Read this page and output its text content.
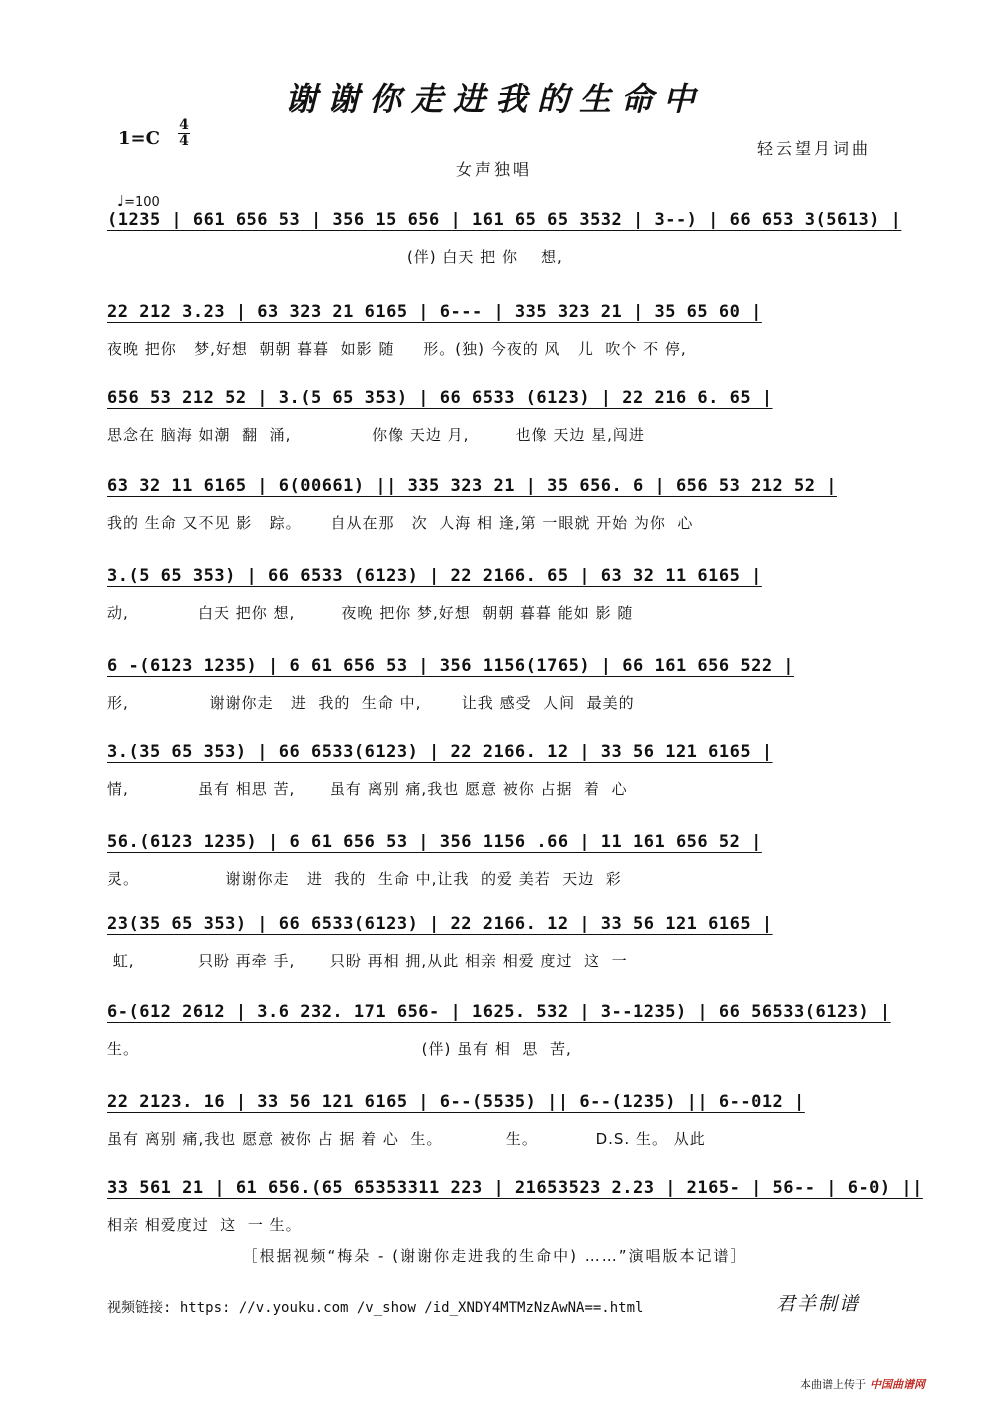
谢谢你走进我的生命中
1=C
4
4	轻云望月词曲
女声独唱
♩=100
(1235 | 661 656 53 | 356 15 656 | 161 65 65 3532 | 3--) | 66 653 3(5613) |
(伴) 白天 把 你    想,
22 212 3.23 | 63 323 21 6165 | 6--- | 335 323 21 | 35 65 60 |
夜晚 把你   梦,好想  朝朝 暮暮  如影 随     形。(独) 今夜的 风   儿  吹个 不 停,
656 53 212 52 | 3.(5 65 353) | 66 6533 (6123) | 22 216 6. 65 |
思念在 脑海 如潮  翻  涌,              你像 天边 月,        也像 天边 星,闯进
63 32 11 6165 | 6(00661) || 335 323 21 | 35 656. 6 | 656 53 212 52 |
我的 生命 又不见 影   踪。     自从在那   次  人海 相 逢,第 一眼就 开始 为你  心
3.(5 65 353) | 66 6533 (6123) | 22 2166. 65 | 63 32 11 6165 |
动,            白天 把你 想,        夜晚 把你 梦,好想  朝朝 暮暮 能如 影 随
6 -(6123 1235) | 6 61 656 53 | 356 1156(1765) | 66 161 656 522 |
形,              谢谢你走   进  我的  生命 中,       让我 感受  人间  最美的
3.(35 65 353) | 66 6533(6123) | 22 2166. 12 | 33 56 121 6165 |
情,            虽有 相思 苦,      虽有 离别 痛,我也 愿意 被你 占据  着  心
56.(6123 1235) | 6 61 656 53 | 356 1156 .66 | 11 161 656 52 |
灵。               谢谢你走   进  我的  生命 中,让我  的爱 美若  天边  彩
23(35 65 353) | 66 6533(6123) | 22 2166. 12 | 33 56 121 6165 |
虹,           只盼 再牵 手,      只盼 再相 拥,从此 相亲 相爱 度过  这  一
6-(612 2612 | 3.6 232. 171 656- | 1625. 532 | 3--1235) | 66 56533(6123) |
生。                                                 (伴) 虽有 相  思  苦,
22 2123. 16 | 33 56 121 6165 | 6--(5535) || 6--(1235) || 6--012 |
虽有 离别 痛,我也 愿意 被你 占 据 着 心  生。           生。          D.S. 生。 从此
33 561 21 | 61 656.(65 65353311 223 | 21653523 2.23 | 2165- | 56-- | 6-0) ||
相亲 相爱度过  这  一 生。
［根据视频“梅朵 - (谢谢你走进我的生命中) ……”演唱版本记谱］
视频链接: https: //v.youku.com /v_show /id_XNDY4MTMzNzAwNA==.html	君羊制谱
本曲谱上传于 中国曲谱网
